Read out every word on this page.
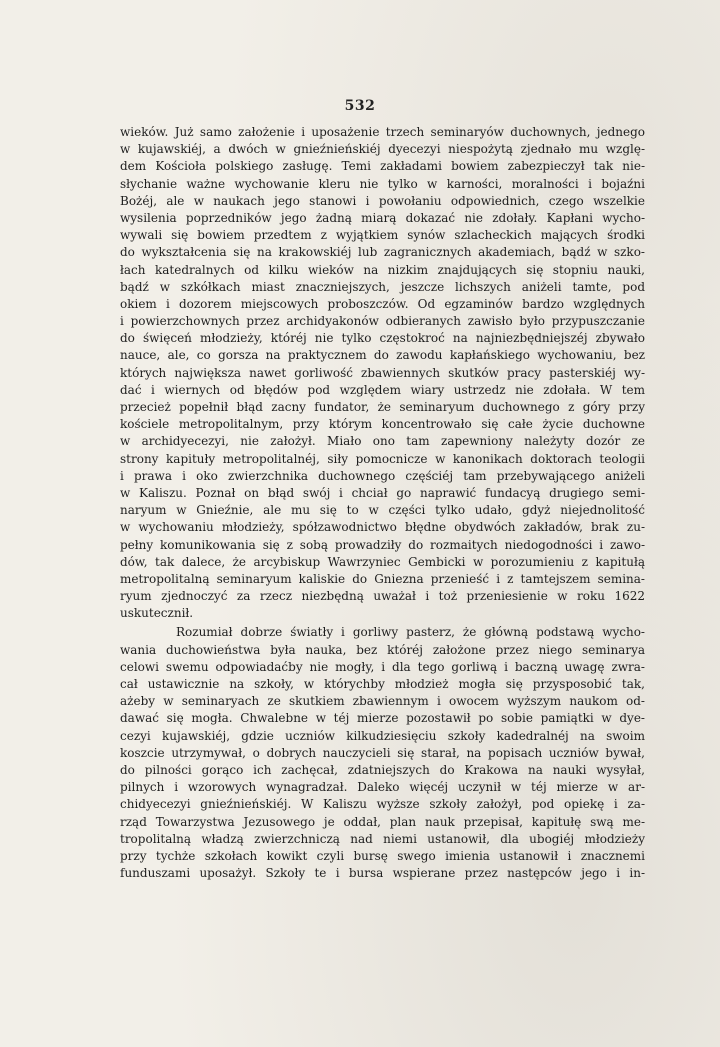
532
wieków. Już samo założenie i uposażenie trzech seminaryów duchownych, jednego
w kujawskiéj, a dwóch w gnieźnieńskiéj dyecezyi niespożytą zjednało mu wzglę-
dem Kościoła polskiego zasługę. Temi zakładami bowiem zabezpieczył tak nie-
słychanie ważne wychowanie kleru nie tylko w karności, moralności i bojaźni
Bożéj, ale w naukach jego stanowi i powołaniu odpowiednich, czego wszelkie
wysilenia poprzedników jego żadną miarą dokazać nie zdołały. Kapłani wycho-
wywali się bowiem przedtem z wyjątkiem synów szlacheckich mających środki
do wykształcenia się na krakowskiéj lub zagranicznych akademiach, bądź w szko-
łach katedralnych od kilku wieków na nizkim znajdujących się stopniu nauki,
bądź w szkółkach miast znaczniejszych, jeszcze lichszych aniżeli tamte, pod
okiem i dozorem miejscowych proboszczów. Od egzaminów bardzo względnych
i powierzchownych przez archidyakonów odbieranych zawisło było przypuszczanie
do święceń młodzieży, któréj nie tylko częstokroć na najniezbędniejszéj zbywało
nauce, ale, co gorsza na praktycznem do zawodu kapłańskiego wychowaniu, bez
których największa nawet gorliwość zbawiennych skutków pracy pasterskiéj wy-
dać i wiernych od błędów pod względem wiary ustrzedz nie zdołała. W tem
przecież popełnił błąd zacny fundator, że seminaryum duchownego z góry przy
kościele metropolitalnym, przy którym koncentrowało się całe życie duchowne
w archidyecezyi, nie założył. Miało ono tam zapewniony należyty dozór ze
strony kapituły metropolitalnéj, siły pomocnicze w kanonikach doktorach teologii
i prawa i oko zwierzchnika duchownego częściéj tam przebywającego aniżeli
w Kaliszu. Poznał on błąd swój i chciał go naprawić fundacyą drugiego semi-
naryum w Gnieźnie, ale mu się to w części tylko udało, gdyż niejednolitość
w wychowaniu młodzieży, spółzawodnictwo błędne obydwóch zakładów, brak zu-
pełny komunikowania się z sobą prowadziły do rozmaitych niedogodności i zawo-
dów, tak dalece, że arcybiskup Wawrzyniec Gembicki w porozumieniu z kapitułą
metropolitalną seminaryum kaliskie do Gniezna przenieść i z tamtejszem semina-
ryum zjednoczyć za rzecz niezbędną uważał i toż przeniesienie w roku 1622
uskutecznił.
Rozumiał dobrze światły i gorliwy pasterz, że główną podstawą wycho-
wania duchowieństwa była nauka, bez któréj założone przez niego seminarya
celowi swemu odpowiadaćby nie mogły, i dla tego gorliwą i baczną uwagę zwra-
cał ustawicznie na szkoły, w którychby młodzież mogła się przysposobić tak,
ażeby w seminaryach ze skutkiem zbawiennym i owocem wyższym naukom od-
dawać się mogła. Chwalebne w téj mierze pozostawił po sobie pamiątki w dye-
cezyi kujawskiéj, gdzie uczniów kilkudziesięciu szkoły kadedralnéj na swoim
koszcie utrzymywał, o dobrych nauczycieli się starał, na popisach uczniów bywał,
do pilności gorąco ich zachęcał, zdatniejszych do Krakowa na nauki wysyłał,
pilnych i wzorowych wynagradzał. Daleko więcéj uczynił w téj mierze w ar-
chidyecezyi gnieźnieńskiéj. W Kaliszu wyższe szkoły założył, pod opiekę i za-
rząd Towarzystwa Jezusowego je oddał, plan nauk przepisał, kapitułę swą me-
tropolitalną władzą zwierzchniczą nad niemi ustanowił, dla ubogiéj młodzieży
przy tychże szkołach kowikt czyli bursę swego imienia ustanowił i znacznemi
funduszami uposażył. Szkoły te i bursa wspierane przez następców jego i in-
